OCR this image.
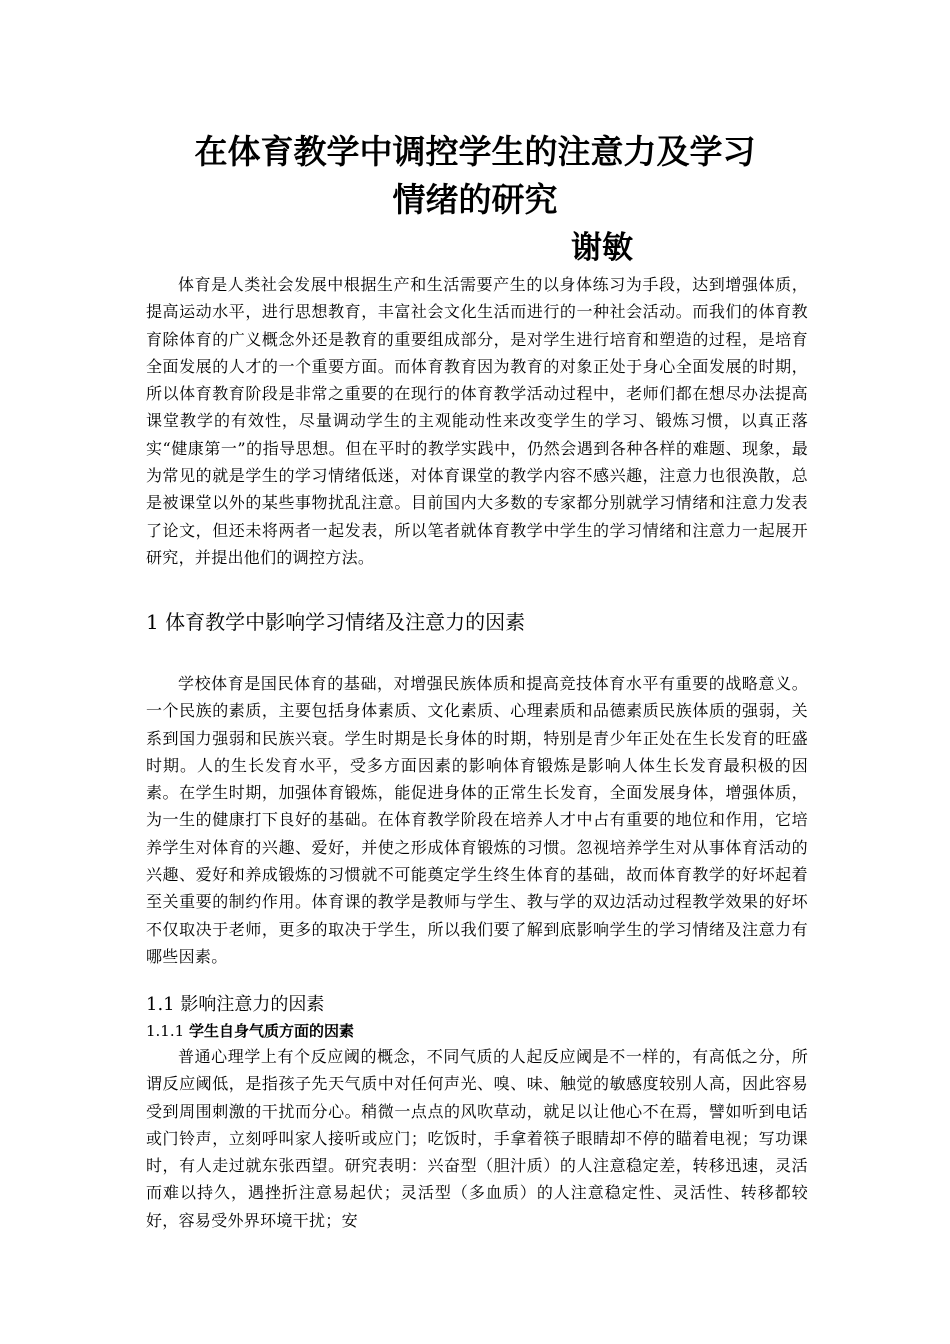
在体育教学中调控学生的注意力及学习
情绪的研究
谢敏

体育是人类社会发展中根据生产和生活需要产生的以身体练习为手段，达到增强体质，提高运动水平，进行思想教育，丰富社会文化生活而进行的一种社会活动。而我们的体育教育除体育的广义概念外还是教育的重要组成部分，是对学生进行培育和塑造的过程，是培育全面发展的人才的一个重要方面。而体育教育因为教育的对象正处于身心全面发展的时期，所以体育教育阶段是非常之重要的在现行的体育教学活动过程中，老师们都在想尽办法提高课堂教学的有效性，尽量调动学生的主观能动性来改变学生的学习、锻炼习惯，以真正落实“健康第一”的指导思想。但在平时的教学实践中，仍然会遇到各种各样的难题、现象，最为常见的就是学生的学习情绪低迷，对体育课堂的教学内容不感兴趣，注意力也很涣散，总是被课堂以外的某些事物扰乱注意。目前国内大多数的专家都分别就学习情绪和注意力发表了论文，但还未将两者一起发表，所以笔者就体育教学中学生的学习情绪和注意力一起展开研究，并提出他们的调控方法。

1 体育教学中影响学习情绪及注意力的因素

学校体育是国民体育的基础，对增强民族体质和提高竞技体育水平有重要的战略意义。一个民族的素质，主要包括身体素质、文化素质、心理素质和品德素质民族体质的强弱，关系到国力强弱和民族兴衰。学生时期是长身体的时期，特别是青少年正处在生长发育的旺盛时期。人的生长发育水平，受多方面因素的影响体育锻炼是影响人体生长发育最积极的因素。在学生时期，加强体育锻炼，能促进身体的正常生长发育，全面发展身体，增强体质，为一生的健康打下良好的基础。在体育教学阶段在培养人才中占有重要的地位和作用，它培养学生对体育的兴趣、爱好，并使之形成体育锻炼的习惯。忽视培养学生对从事体育活动的兴趣、爱好和养成锻炼的习惯就不可能奠定学生终生体育的基础，故而体育教学的好坏起着至关重要的制约作用。体育课的教学是教师与学生、教与学的双边活动过程教学效果的好坏不仅取决于老师，更多的取决于学生，所以我们要了解到底影响学生的学习情绪及注意力有哪些因素。

1.1 影响注意力的因素
1.1.1 学生自身气质方面的因素

普通心理学上有个反应阈的概念，不同气质的人起反应阈是不一样的，有高低之分，所谓反应阈低，是指孩子先天气质中对任何声光、嗅、味、触觉的敏感度较别人高，因此容易受到周围刺激的干扰而分心。稍微一点点的风吹草动，就足以让他心不在焉，譬如听到电话或门铃声，立刻呼叫家人接听或应门；吃饭时，手拿着筷子眼睛却不停的瞄着电视；写功课时，有人走过就东张西望。研究表明：兴奋型（胆汁质）的人注意稳定差，转移迅速，灵活而难以持久，遇挫折注意易起伏；灵活型（多血质）的人注意稳定性、灵活性、转移都较好，容易受外界环境干扰；安
